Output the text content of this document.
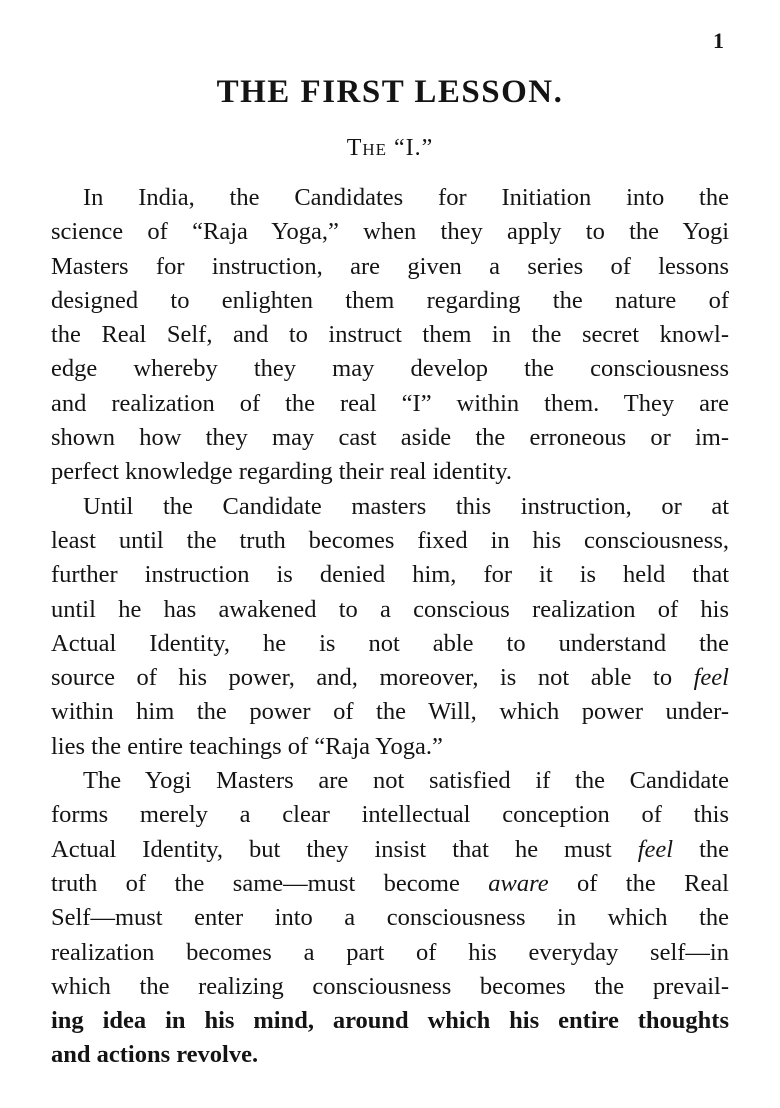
1
THE FIRST LESSON.
The “I.”
In India, the Candidates for Initiation into the
science of “Raja Yoga,” when they apply to the Yogi
Masters for instruction, are given a series of lessons
designed to enlighten them regarding the nature of
the Real Self, and to instruct them in the secret knowl-
edge whereby they may develop the consciousness
and realization of the real “I” within them. They are
shown how they may cast aside the erroneous or im-
perfect knowledge regarding their real identity.
Until the Candidate masters this instruction, or at
least until the truth becomes fixed in his consciousness,
further instruction is denied him, for it is held that
until he has awakened to a conscious realization of his
Actual Identity, he is not able to understand the
source of his power, and, moreover, is not able to feel
within him the power of the Will, which power under-
lies the entire teachings of “Raja Yoga.”
The Yogi Masters are not satisfied if the Candidate
forms merely a clear intellectual conception of this
Actual Identity, but they insist that he must feel the
truth of the same—must become aware of the Real
Self—must enter into a consciousness in which the
realization becomes a part of his everyday self—in
which the realizing consciousness becomes the prevail-
ing idea in his mind, around which his entire thoughts
and actions revolve.
